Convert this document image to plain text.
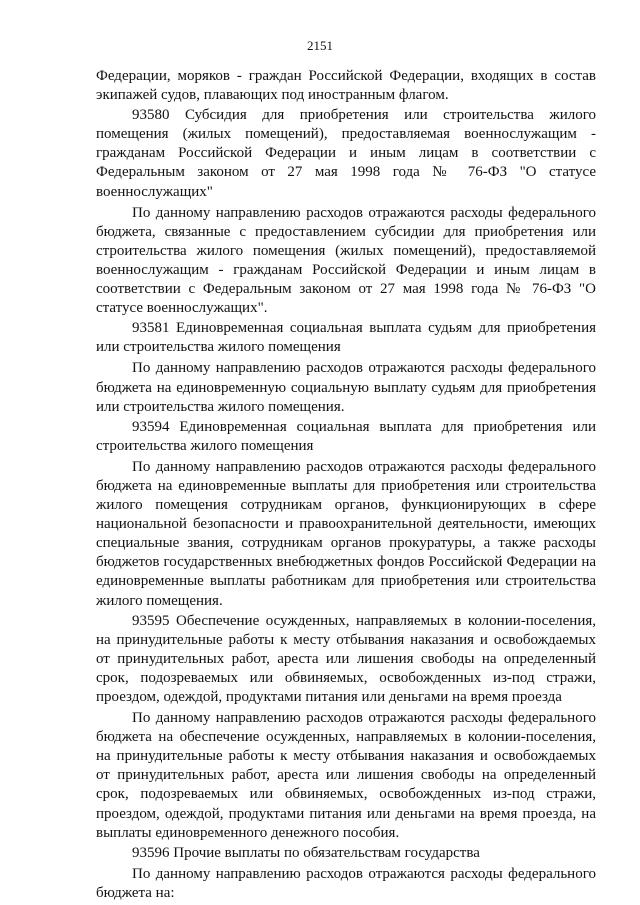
2151

Федерации, моряков - граждан Российской Федерации, входящих в состав экипажей судов, плавающих под иностранным флагом.

93580 Субсидия для приобретения или строительства жилого помещения (жилых помещений), предоставляемая военнослужащим - гражданам Российской Федерации и иным лицам в соответствии с Федеральным законом от 27 мая 1998 года № 76-ФЗ "О статусе военнослужащих"

По данному направлению расходов отражаются расходы федерального бюджета, связанные с предоставлением субсидии для приобретения или строительства жилого помещения (жилых помещений), предоставляемой военнослужащим - гражданам Российской Федерации и иным лицам в соответствии с Федеральным законом от 27 мая 1998 года № 76-ФЗ "О статусе военнослужащих".

93581 Единовременная социальная выплата судьям для приобретения или строительства жилого помещения

По данному направлению расходов отражаются расходы федерального бюджета на единовременную социальную выплату судьям для приобретения или строительства жилого помещения.

93594 Единовременная социальная выплата для приобретения или строительства жилого помещения

По данному направлению расходов отражаются расходы федерального бюджета на единовременные выплаты для приобретения или строительства жилого помещения сотрудникам органов, функционирующих в сфере национальной безопасности и правоохранительной деятельности, имеющих специальные звания, сотрудникам органов прокуратуры, а также расходы бюджетов государственных внебюджетных фондов Российской Федерации на единовременные выплаты работникам для приобретения или строительства жилого помещения.

93595 Обеспечение осужденных, направляемых в колонии-поселения, на принудительные работы к месту отбывания наказания и освобождаемых от принудительных работ, ареста или лишения свободы на определенный срок, подозреваемых или обвиняемых, освобожденных из-под стражи, проездом, одеждой, продуктами питания или деньгами на время проезда

По данному направлению расходов отражаются расходы федерального бюджета на обеспечение осужденных, направляемых в колонии-поселения, на принудительные работы к месту отбывания наказания и освобождаемых от принудительных работ, ареста или лишения свободы на определенный срок, подозреваемых или обвиняемых, освобожденных из-под стражи, проездом, одеждой, продуктами питания или деньгами на время проезда, на выплаты единовременного денежного пособия.

93596 Прочие выплаты по обязательствам государства

По данному направлению расходов отражаются расходы федерального бюджета на:
